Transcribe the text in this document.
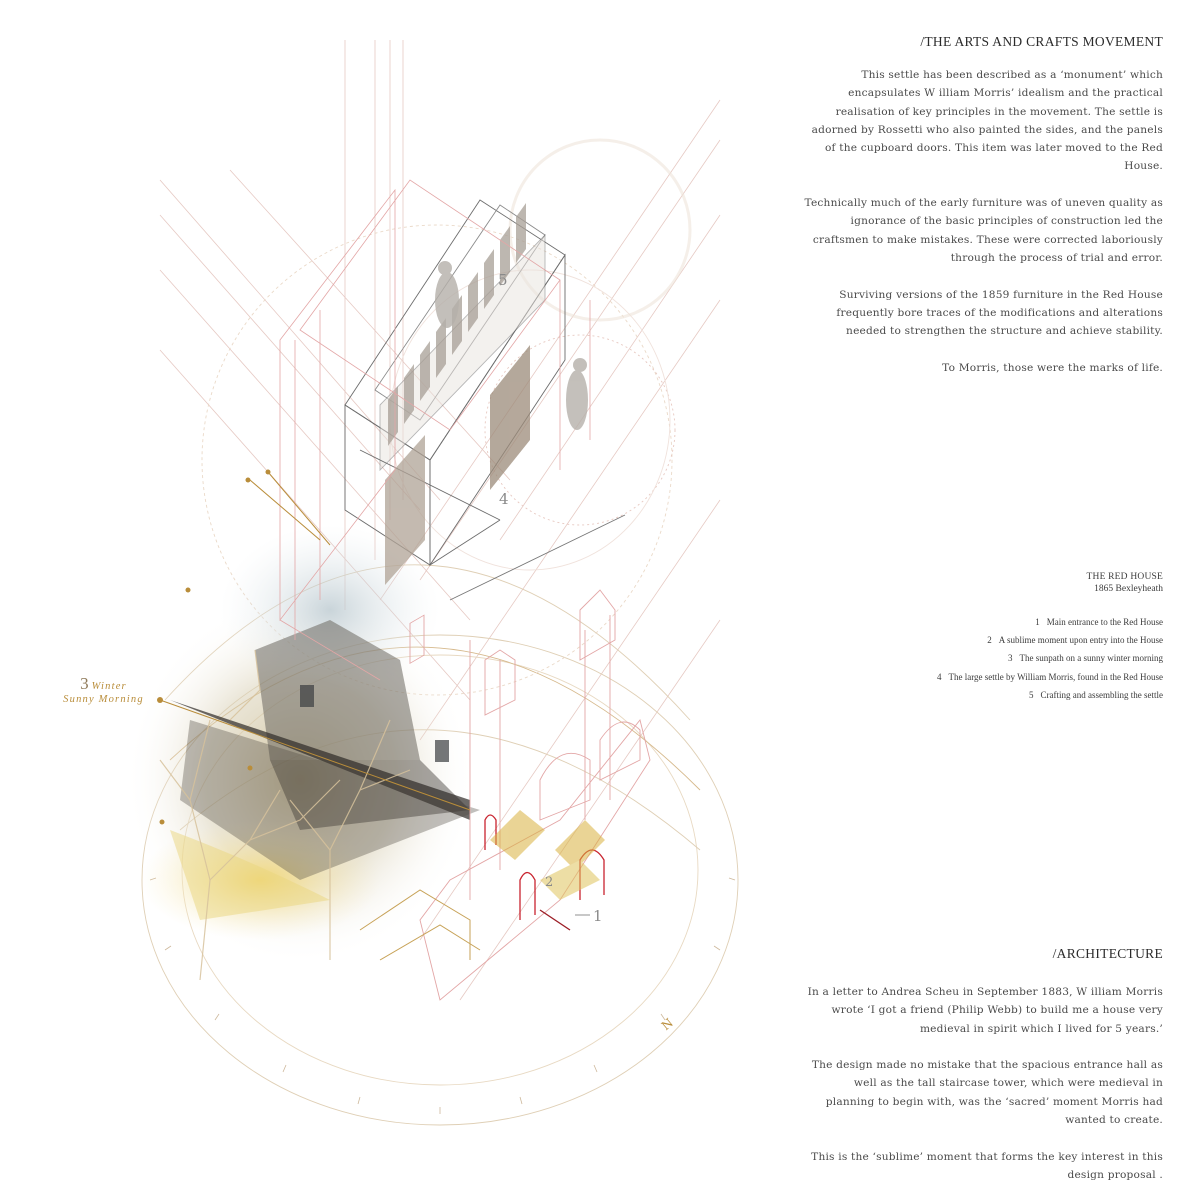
N
5
4
1
2
3 Winter
Sunny Morning
/THE ARTS AND CRAFTS MOVEMENT

This settle has been described as a ‘monument’ which encapsulates W illiam Morris’ idealism and the practical realisation of key principles in the movement. The settle is adorned by Rossetti who also painted the sides, and the panels of the cupboard doors. This item was later moved to the Red House.

Technically much of the early furniture was of uneven quality as ignorance of the basic principles of construction led the craftsmen to make mistakes. These were corrected laboriously through the process of trial and error.

Surviving versions of the 1859 furniture in the Red House frequently bore traces of the modifications and alterations needed to strengthen the structure and achieve stability.

To Morris, those were the marks of life.

THE RED HOUSE
1865 Bexleyheath
1 Main entrance to the Red House
2 A sublime moment upon entry into the House
3 The sunpath on a sunny winter morning
4 The large settle by William Morris, found in the Red House
5 Crafting and assembling the settle
/ARCHITECTURE

In a letter to Andrea Scheu in September 1883, W illiam Morris wrote ‘I got a friend (Philip Webb) to build me a house very medieval in spirit which I lived for 5 years.’

The design made no mistake that the spacious entrance hall as well as the tall staircase tower, which were medieval in planning to begin with, was the ‘sacred’ moment Morris had wanted to create.

This is the ‘sublime’ moment that forms the key interest in this design proposal .
